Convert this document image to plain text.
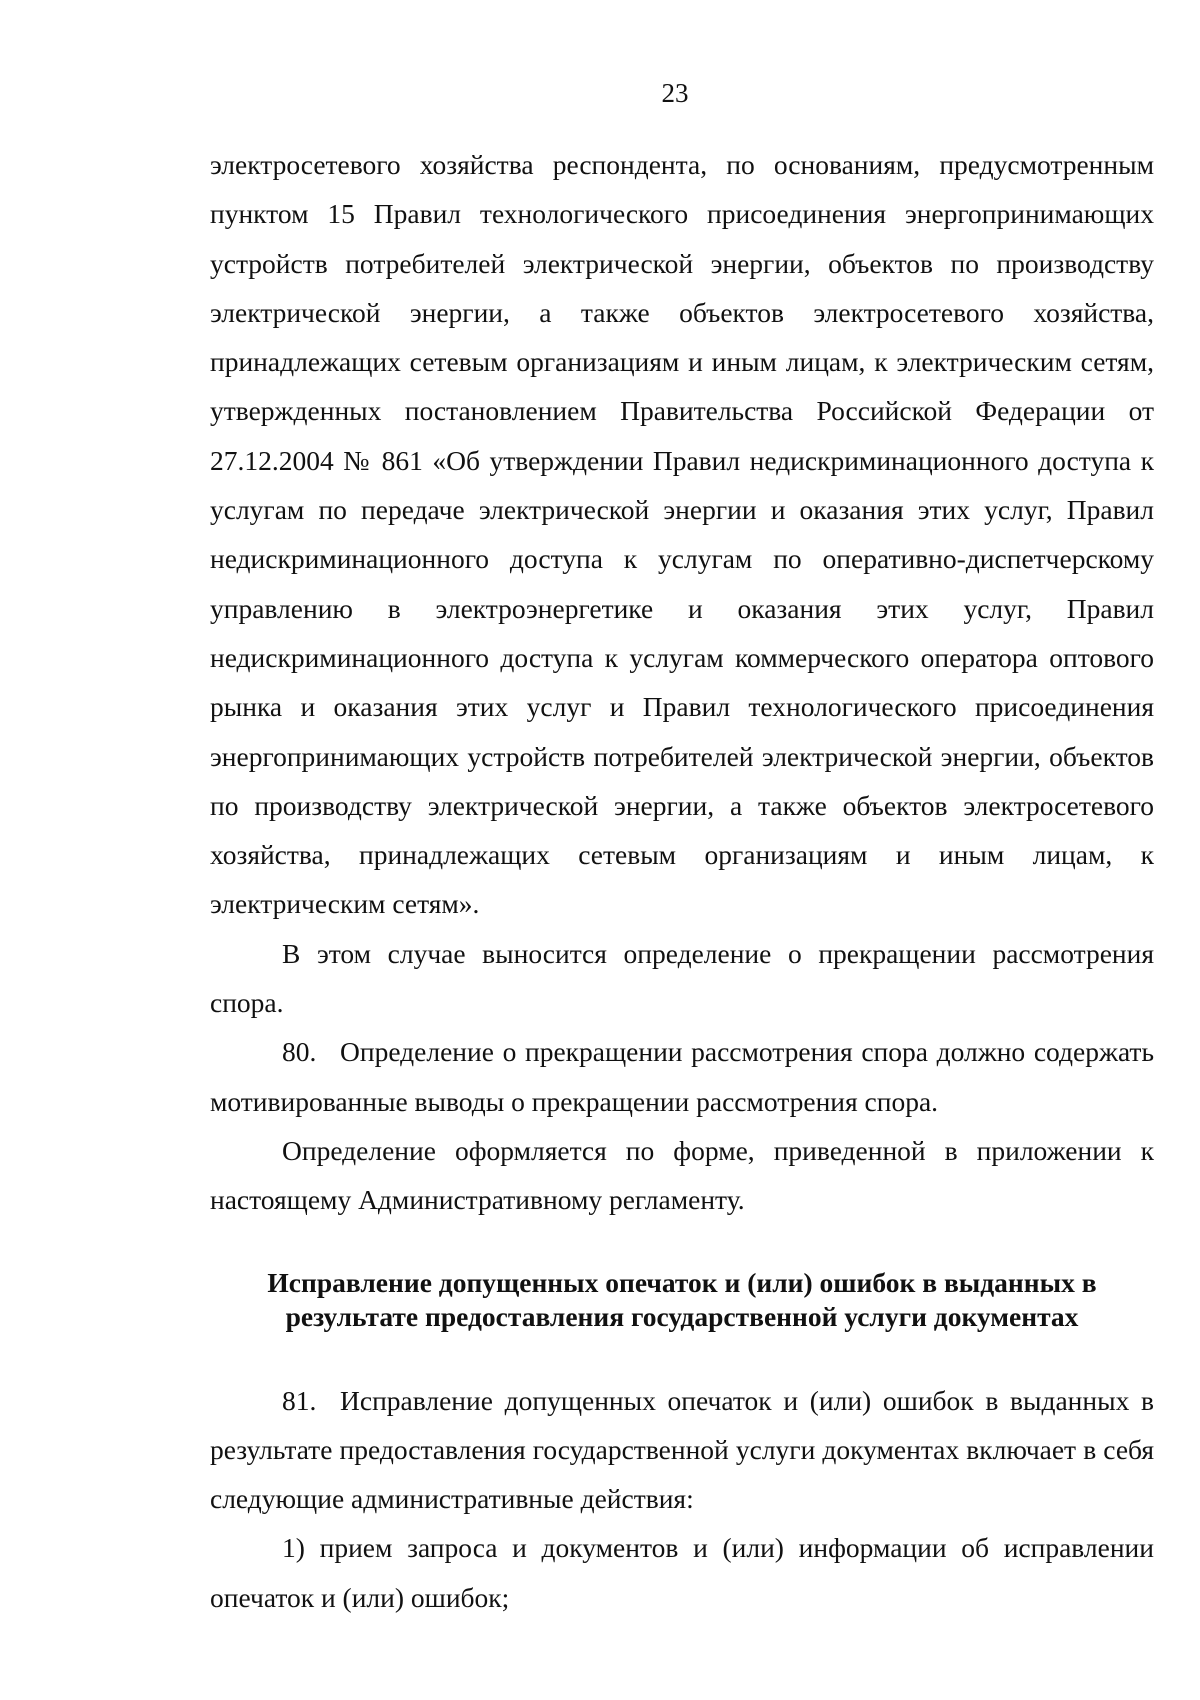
23

электросетевого хозяйства респондента, по основаниям, предусмотренным пунктом 15 Правил технологического присоединения энергопринимающих устройств потребителей электрической энергии, объектов по производству электрической энергии, а также объектов электросетевого хозяйства, принадлежащих сетевым организациям и иным лицам, к электрическим сетям, утвержденных постановлением Правительства Российской Федерации от 27.12.2004 № 861 «Об утверждении Правил недискриминационного доступа к услугам по передаче электрической энергии и оказания этих услуг, Правил недискриминационного доступа к услугам по оперативно-диспетчерскому управлению в электроэнергетике и оказания этих услуг, Правил недискриминационного доступа к услугам коммерческого оператора оптового рынка и оказания этих услуг и Правил технологического присоединения энергопринимающих устройств потребителей электрической энергии, объектов по производству электрической энергии, а также объектов электросетевого хозяйства, принадлежащих сетевым организациям и иным лицам, к электрическим сетям».

В этом случае выносится определение о прекращении рассмотрения спора.

80. Определение о прекращении рассмотрения спора должно содержать мотивированные выводы о прекращении рассмотрения спора.

Определение оформляется по форме, приведенной в приложении к настоящему Административному регламенту.

Исправление допущенных опечаток и (или) ошибок в выданных в
результате предоставления государственной услуги документах

81. Исправление допущенных опечаток и (или) ошибок в выданных в результате предоставления государственной услуги документах включает в себя следующие административные действия:

1) прием запроса и документов и (или) информации об исправлении опечаток и (или) ошибок;
